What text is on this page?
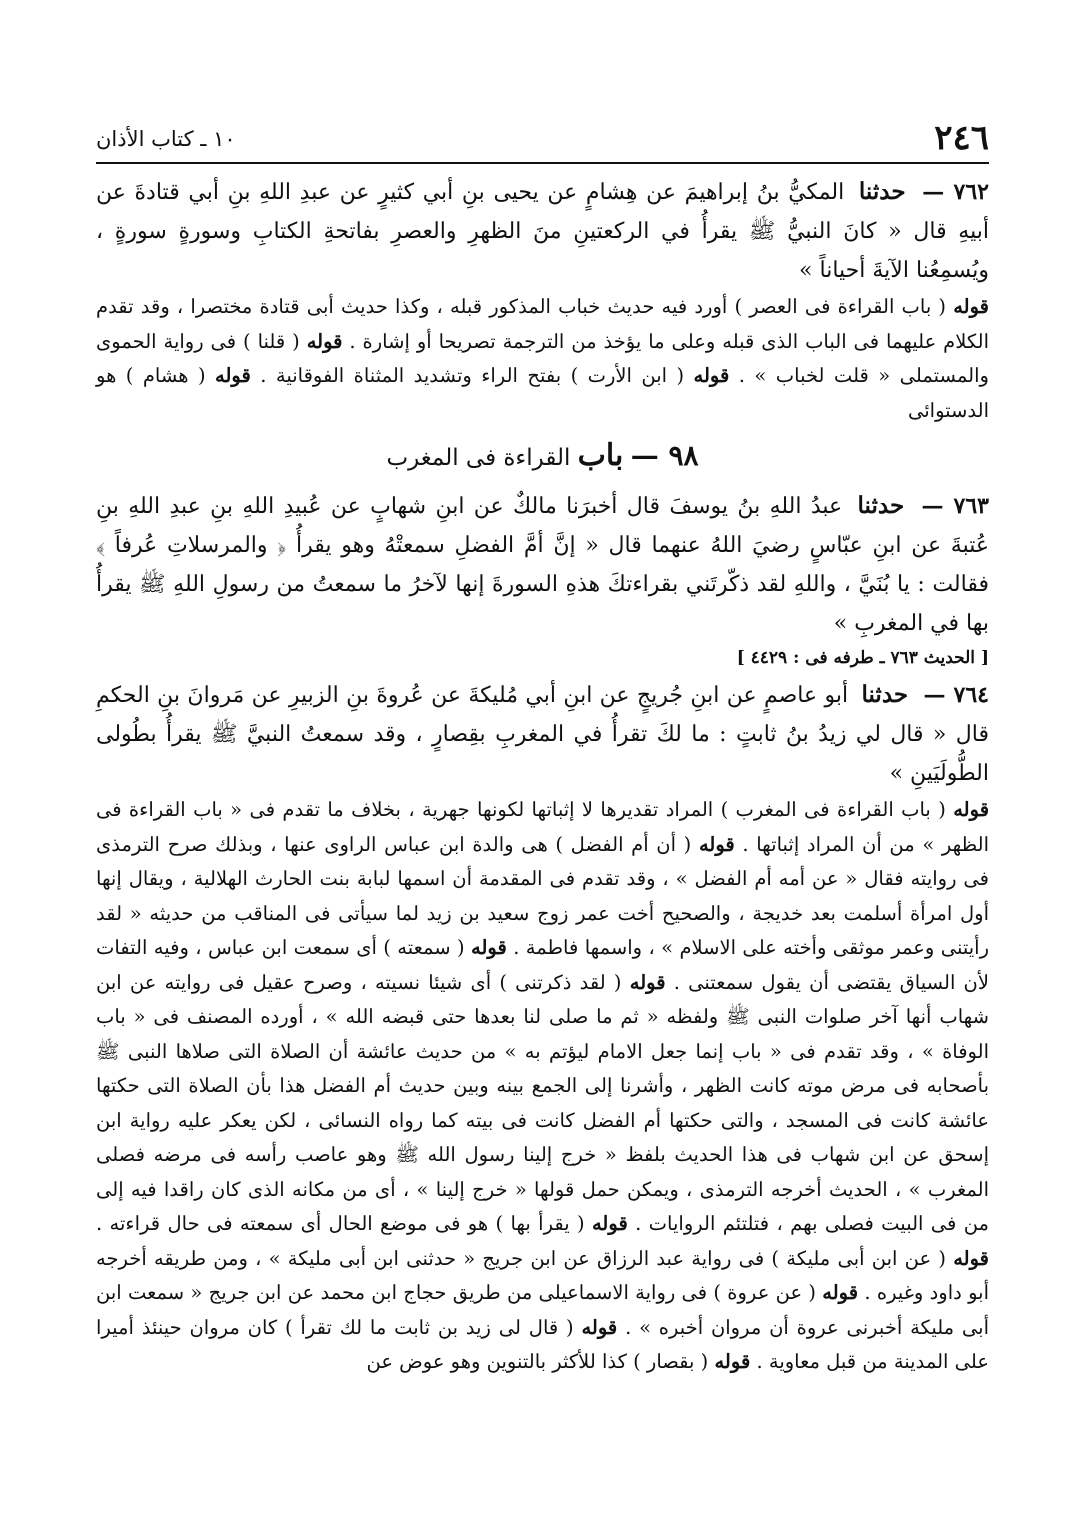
٢٤٦
١٠ ـ كتاب الأذان

٧٦٢ — حدثنا المكيُّ بنُ إبراهيمَ عن هِشامٍ عن يحيى بنِ أبي كثيرٍ عن عبدِ اللهِ بنِ أبي قتادةَ عن أبيهِ قال « كانَ النبيُّ ﷺ يقرأُ في الركعتينِ منَ الظهرِ والعصرِ بفاتحةِ الكتابِ وسورةٍ سورةٍ ، ويُسمِعُنا الآيةَ أحياناً »

قوله ( باب القراءة فى العصر ) أورد فيه حديث خباب المذكور قبله ، وكذا حديث أبى قتادة مختصرا ، وقد تقدم الكلام عليهما فى الباب الذى قبله وعلى ما يؤخذ من الترجمة تصريحا أو إشارة . قوله ( قلنا ) فى رواية الحموى والمستملى « قلت لخباب » . قوله ( ابن الأرت ) بفتح الراء وتشديد المثناة الفوقانية . قوله ( هشام ) هو الدستوائى

٩٨ — باب القراءة فى المغرب

٧٦٣ — حدثنا عبدُ اللهِ بنُ يوسفَ قال أخبرَنا مالكٌ عن ابنِ شهابٍ عن عُبيدِ اللهِ بنِ عبدِ اللهِ بنِ عُتبةَ عن ابنِ عبّاسٍ رضيَ اللهُ عنهما قال « إنَّ أمَّ الفضلِ سمعتْهُ وهو يقرأُ ﴿ والمرسلاتِ عُرفاً ﴾ فقالت : يا بُنَيَّ ، واللهِ لقد ذكّرتَني بقراءتكَ هذهِ السورةَ إنها لآخرُ ما سمعتُ من رسولِ اللهِ ﷺ يقرأُ بها في المغربِ »

[ الحديث ٧٦٣ ـ طرفه فى : ٤٤٢٩ ]

٧٦٤ — حدثنا أبو عاصمٍ عن ابنِ جُريجٍ عن ابنِ أبي مُليكةَ عن عُروةَ بنِ الزبيرِ عن مَروانَ بنِ الحكمِ قال « قال لي زيدُ بنُ ثابتٍ : ما لكَ تقرأُ في المغربِ بقِصارٍ ، وقد سمعتُ النبيَّ ﷺ يقرأُ بطُولى الطُّولَيَينِ »

قوله ( باب القراءة فى المغرب ) المراد تقديرها لا إثباتها لكونها جهرية ، بخلاف ما تقدم فى « باب القراءة فى الظهر » من أن المراد إثباتها . قوله ( أن أم الفضل ) هى والدة ابن عباس الراوى عنها ، وبذلك صرح الترمذى فى روايته فقال « عن أمه أم الفضل » ، وقد تقدم فى المقدمة أن اسمها لبابة بنت الحارث الهلالية ، ويقال إنها أول امرأة أسلمت بعد خديجة ، والصحيح أخت عمر زوج سعيد بن زيد لما سيأتى فى المناقب من حديثه « لقد رأيتنى وعمر موثقى وأخته على الاسلام » ، واسمها فاطمة . قوله ( سمعته ) أى سمعت ابن عباس ، وفيه التفات لأن السياق يقتضى أن يقول سمعتنى . قوله ( لقد ذكرتنى ) أى شيئا نسيته ، وصرح عقيل فى روايته عن ابن شهاب أنها آخر صلوات النبى ﷺ ولفظه « ثم ما صلى لنا بعدها حتى قبضه الله » ، أورده المصنف فى « باب الوفاة » ، وقد تقدم فى « باب إنما جعل الامام ليؤتم به » من حديث عائشة أن الصلاة التى صلاها النبى ﷺ بأصحابه فى مرض موته كانت الظهر ، وأشرنا إلى الجمع بينه وبين حديث أم الفضل هذا بأن الصلاة التى حكتها عائشة كانت فى المسجد ، والتى حكتها أم الفضل كانت فى بيته كما رواه النسائى ، لكن يعكر عليه رواية ابن إسحق عن ابن شهاب فى هذا الحديث بلفظ « خرج إلينا رسول الله ﷺ وهو عاصب رأسه فى مرضه فصلى المغرب » ، الحديث أخرجه الترمذى ، ويمكن حمل قولها « خرج إلينا » ، أى من مكانه الذى كان راقدا فيه إلى من فى البيت فصلى بهم ، فتلتئم الروايات . قوله ( يقرأ بها ) هو فى موضع الحال أى سمعته فى حال قراءته . قوله ( عن ابن أبى مليكة ) فى رواية عبد الرزاق عن ابن جريج « حدثنى ابن أبى مليكة » ، ومن طريقه أخرجه أبو داود وغيره . قوله ( عن عروة ) فى رواية الاسماعيلى من طريق حجاج ابن محمد عن ابن جريج « سمعت ابن أبى مليكة أخبرنى عروة أن مروان أخبره » . قوله ( قال لى زيد بن ثابت ما لك تقرأ ) كان مروان حينئذ أميرا على المدينة من قبل معاوية . قوله ( بقصار ) كذا للأكثر بالتنوين وهو عوض عن
